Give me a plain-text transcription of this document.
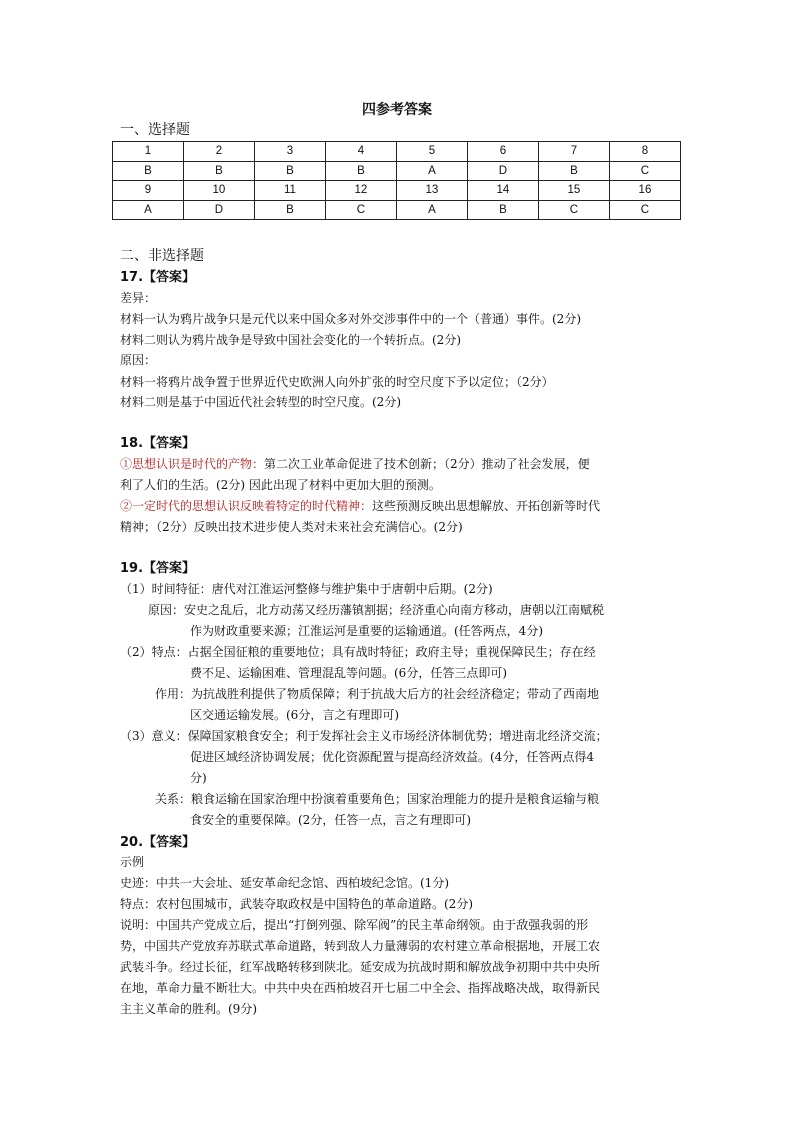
四参考答案
一、选择题
1	2	3	4	5	6	7	8
B	B	B	B	A	D	B	C
9	10	11	12	13	14	15	16
A	D	B	C	A	B	C	C
二、非选择题
17.【答案】
差异：
材料一认为鸦片战争只是元代以来中国众多对外交涉事件中的一个（普通）事件。(2分)
材料二则认为鸦片战争是导致中国社会变化的一个转折点。(2分)
原因：
材料一将鸦片战争置于世界近代史欧洲人向外扩张的时空尺度下予以定位；（2分）
材料二则是基于中国近代社会转型的时空尺度。(2分)
18.【答案】
①思想认识是时代的产物：第二次工业革命促进了技术创新；（2分）推动了社会发展，便
利了人们的生活。(2分) 因此出现了材料中更加大胆的预测。
②一定时代的思想认识反映着特定的时代精神：这些预测反映出思想解放、开拓创新等时代
精神；（2分）反映出技术进步使人类对未来社会充满信心。(2分)
19.【答案】
（1）时间特征：唐代对江淮运河整修与维护集中于唐朝中后期。(2分)
原因：安史之乱后，北方动荡又经历藩镇割据；经济重心向南方移动，唐朝以江南赋税
作为财政重要来源；江淮运河是重要的运输通道。(任答两点，4分)
（2）特点：占据全国征粮的重要地位；具有战时特征；政府主导；重视保障民生；存在经
费不足、运输困难、管理混乱等问题。(6分，任答三点即可)
作用：为抗战胜利提供了物质保障；利于抗战大后方的社会经济稳定；带动了西南地
区交通运输发展。(6分，言之有理即可)
（3）意义：保障国家粮食安全；利于发挥社会主义市场经济体制优势；增进南北经济交流；
促进区域经济协调发展；优化资源配置与提高经济效益。(4分，任答两点得4
分)
关系：粮食运输在国家治理中扮演着重要角色；国家治理能力的提升是粮食运输与粮
食安全的重要保障。(2分，任答一点，言之有理即可)
20.【答案】
示例
史迹：中共一大会址、延安革命纪念馆、西柏坡纪念馆。(1分)
特点：农村包围城市，武装夺取政权是中国特色的革命道路。(2分)
说明：中国共产党成立后，提出“打倒列强、除军阀”的民主革命纲领。由于敌强我弱的形
势，中国共产党放弃苏联式革命道路，转到敌人力量薄弱的农村建立革命根据地，开展工农
武装斗争。经过长征，红军战略转移到陕北。延安成为抗战时期和解放战争初期中共中央所
在地，革命力量不断壮大。中共中央在西柏坡召开七届二中全会、指挥战略决战，取得新民
主主义革命的胜利。(9分)
